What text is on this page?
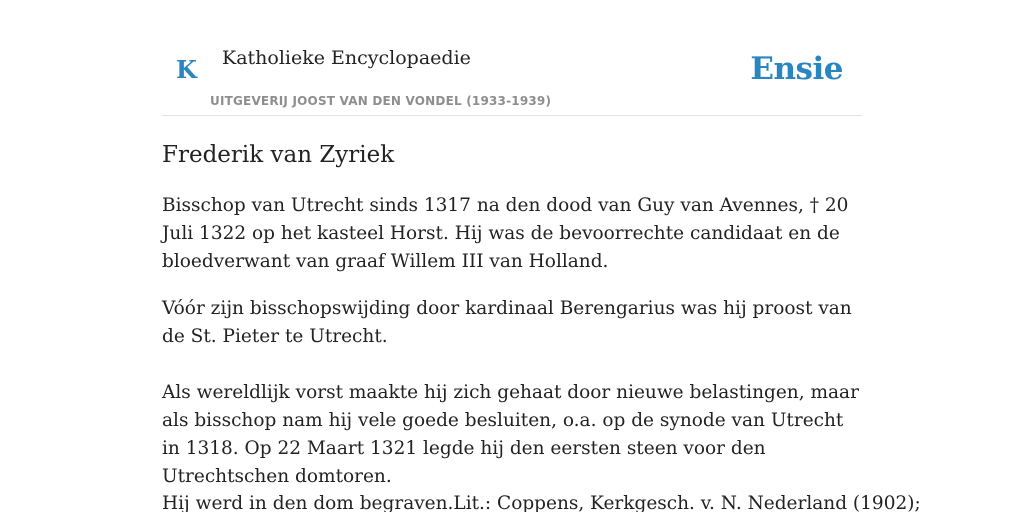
K Katholieke Encyclopaedie
UITGEVERIJ JOOST VAN DEN VONDEL (1933-1939)
Ensie
Frederik van Zyriek

Bisschop van Utrecht sinds 1317 na den dood van Guy van Avennes, † 20 Juli 1322 op het kasteel Horst. Hij was de bevoorrechte candidaat en de bloedverwant van graaf Willem III van Holland.

Vóór zijn bisschopswijding door kardinaal Berengarius was hij proost van de St. Pieter te Utrecht.

Als wereldlijk vorst maakte hij zich gehaat door nieuwe belastingen, maar als bisschop nam hij vele goede besluiten, o.a. op de synode van Utrecht in 1318. Op 22 Maart 1321 legde hij den eersten steen voor den Utrechtschen domtoren.

Hij werd in den dom begraven.Lit.: Coppens, Kerkgesch. v. N. Nederland (1902);
